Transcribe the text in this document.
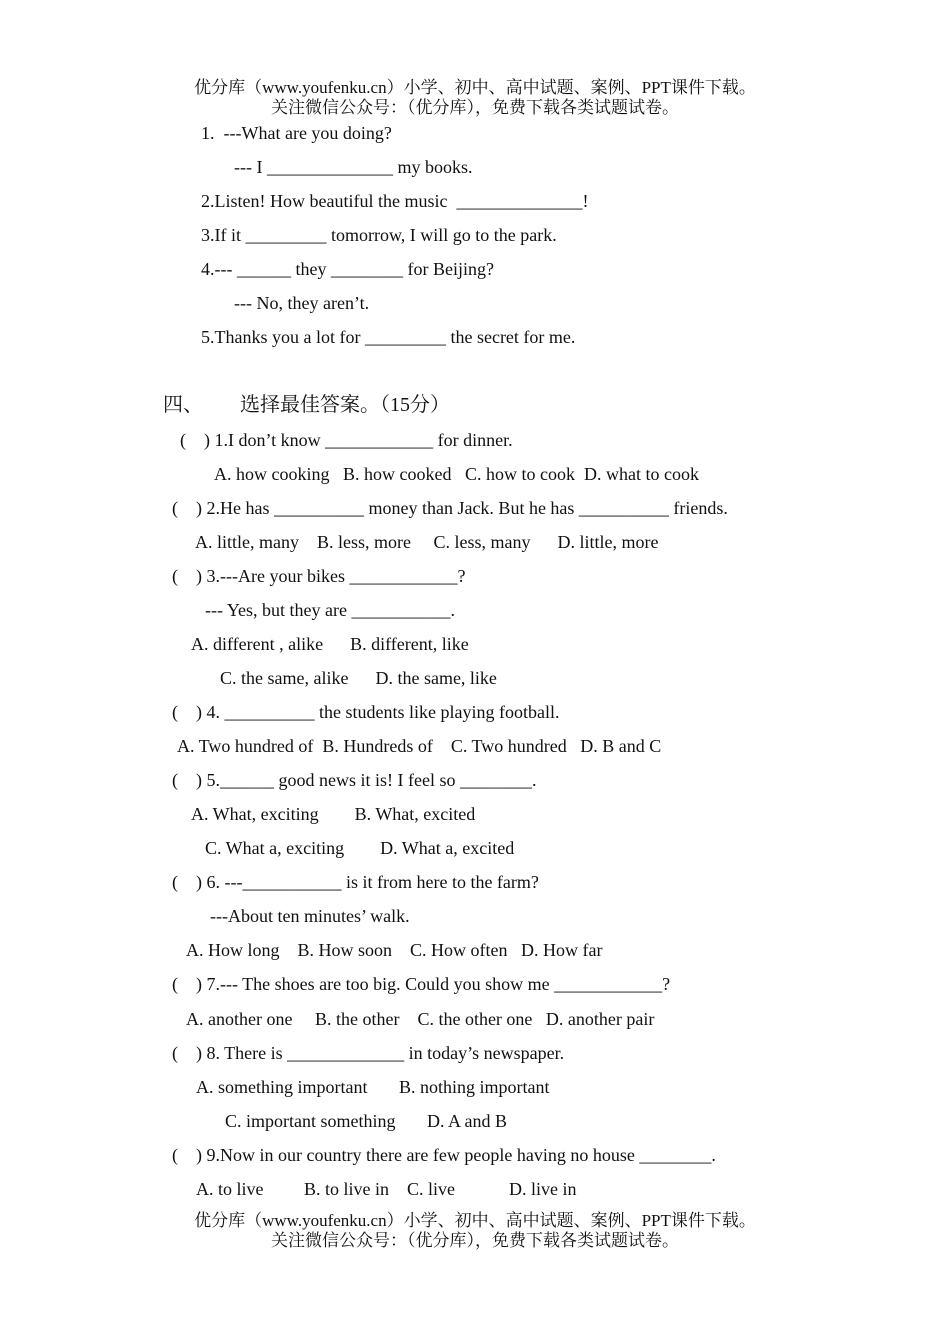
优分库（www.youfenku.cn）小学、初中、高中试题、案例、PPT课件下载。
关注微信公众号：（优分库），免费下载各类试题试卷。
1.  ---What are you doing?
--- I ______________ my books.
2.Listen! How beautiful the music  ______________!
3.If it _________ tomorrow, I will go to the park.
4.--- ______ they ________ for Beijing?
--- No, they aren’t.
5.Thanks you a lot for _________ the secret for me.
四、 选择最佳答案。（15分）
(    ) 1.I don’t know ____________ for dinner.
A. how cooking   B. how cooked   C. how to cook  D. what to cook
(    ) 2.He has __________ money than Jack. But he has __________ friends.
A. little, many    B. less, more     C. less, many      D. little, more
(    ) 3.---Are your bikes ____________?
--- Yes, but they are ___________.
A. different , alike      B. different, like
C. the same, alike      D. the same, like
(    ) 4. __________ the students like playing football.
A. Two hundred of  B. Hundreds of    C. Two hundred   D. B and C
(    ) 5.______ good news it is! I feel so ________.
A. What, exciting        B. What, excited
C. What a, exciting        D. What a, excited
(    ) 6. ---___________ is it from here to the farm?
---About ten minutes’ walk.
A. How long    B. How soon    C. How often   D. How far
(    ) 7.--- The shoes are too big. Could you show me ____________?
A. another one     B. the other    C. the other one   D. another pair
(    ) 8. There is _____________ in today’s newspaper.
A. something important       B. nothing important
C. important something       D. A and B
(    ) 9.Now in our country there are few people having no house ________.
A. to live         B. to live in    C. live            D. live in
优分库（www.youfenku.cn）小学、初中、高中试题、案例、PPT课件下载。
关注微信公众号：（优分库），免费下载各类试题试卷。
